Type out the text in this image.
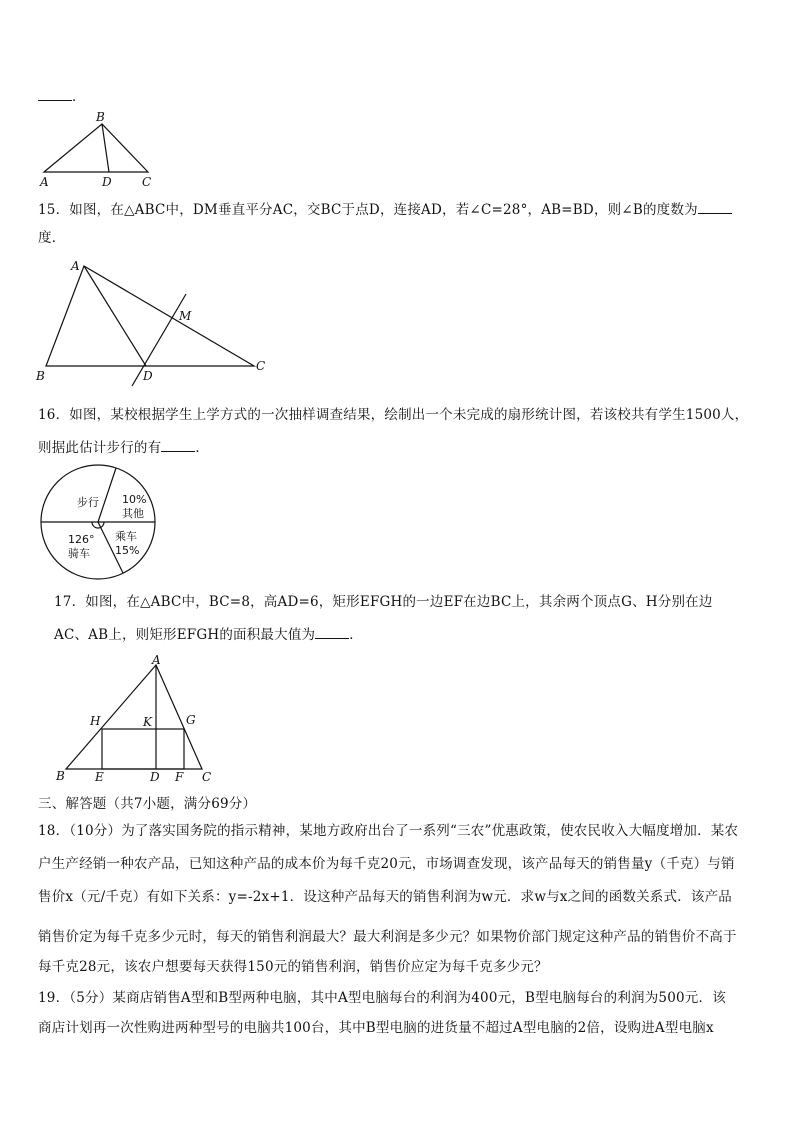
．
B
A	D	C
15．如图，在△ABC中，DM垂直平分AC，交BC于点D，连接AD，若∠C=28°，AB=BD，则∠B的度数为
度．
A
M
B	D
C
16．如图，某校根据学生上学方式的一次抽样调查结果，绘制出一个未完成的扇形统计图，若该校共有学生1500人，
则据此估计步行的有	．
步行 10%
其他
乘车
15%
126°
骑车
17．如图，在△ABC中，BC=8，高AD=6，矩形EFGH的一边EF在边BC上，其余两个顶点G、H分别在边
AC、AB上，则矩形EFGH的面积最大值为	．
A
H	K	G
B	E	D F C
三、解答题（共7小题，满分69分）
18．（10分）为了落实国务院的指示精神，某地方政府出台了一系列“三农”优惠政策，使农民收入大幅度增加．某农
户生产经销一种农产品，已知这种产品的成本价为每千克20元，市场调查发现，该产品每天的销售量y（千克）与销
售价x（元/千克）有如下关系：y=-2x+1．设这种产品每天的销售利润为w元．求w与x之间的函数关系式．该产品
销售价定为每千克多少元时，每天的销售利润最大？最大利润是多少元？如果物价部门规定这种产品的销售价不高于
每千克28元，该农户想要每天获得150元的销售利润，销售价应定为每千克多少元？
19．（5分）某商店销售A型和B型两种电脑，其中A型电脑每台的利润为400元，B型电脑每台的利润为500元．该
商店计划再一次性购进两种型号的电脑共100台，其中B型电脑的进货量不超过A型电脑的2倍，设购进A型电脑x
